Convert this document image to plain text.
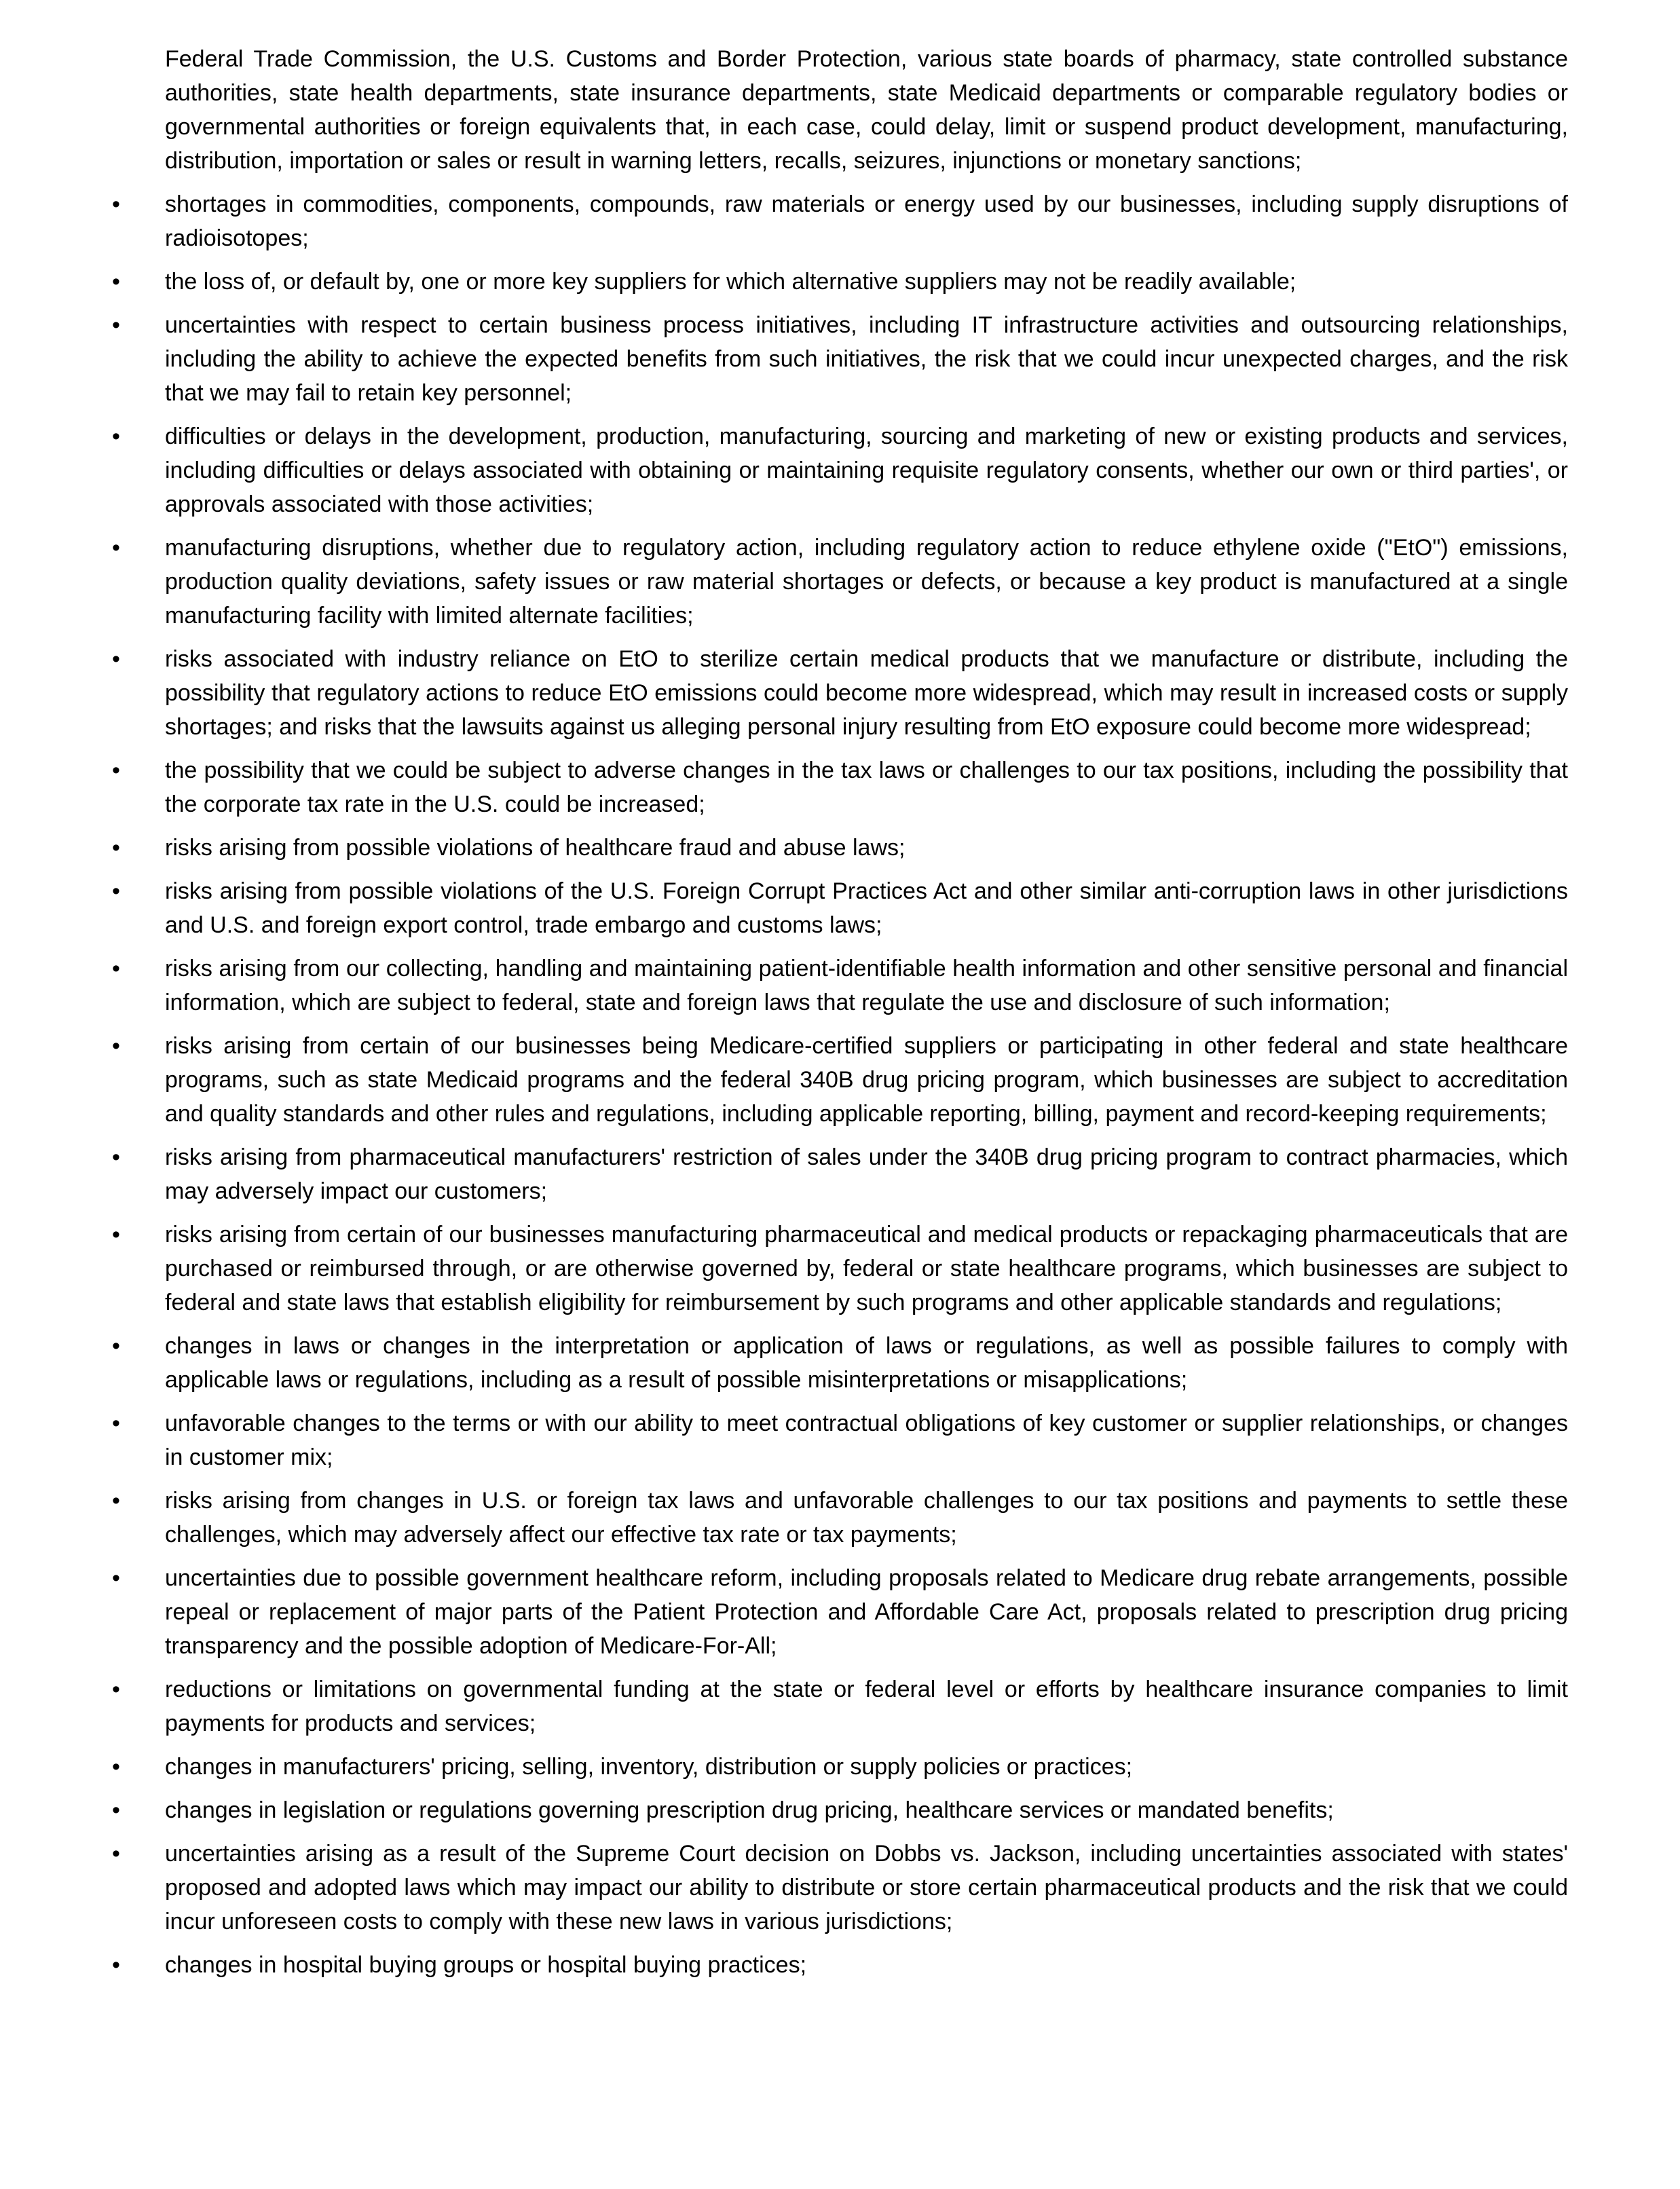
Federal Trade Commission, the U.S. Customs and Border Protection, various state boards of pharmacy, state controlled substance authorities, state health departments, state insurance departments, state Medicaid departments or comparable regulatory bodies or governmental authorities or foreign equivalents that, in each case, could delay, limit or suspend product development, manufacturing, distribution, importation or sales or result in warning letters, recalls, seizures, injunctions or monetary sanctions;

•	shortages in commodities, components, compounds, raw materials or energy used by our businesses, including supply disruptions of radioisotopes;

•	the loss of, or default by, one or more key suppliers for which alternative suppliers may not be readily available;

•	uncertainties with respect to certain business process initiatives, including IT infrastructure activities and outsourcing relationships, including the ability to achieve the expected benefits from such initiatives, the risk that we could incur unexpected charges, and the risk that we may fail to retain key personnel;

•	difficulties or delays in the development, production, manufacturing, sourcing and marketing of new or existing products and services, including difficulties or delays associated with obtaining or maintaining requisite regulatory consents, whether our own or third parties', or approvals associated with those activities;

•	manufacturing disruptions, whether due to regulatory action, including regulatory action to reduce ethylene oxide ("EtO") emissions, production quality deviations, safety issues or raw material shortages or defects, or because a key product is manufactured at a single manufacturing facility with limited alternate facilities;

•	risks associated with industry reliance on EtO to sterilize certain medical products that we manufacture or distribute, including the possibility that regulatory actions to reduce EtO emissions could become more widespread, which may result in increased costs or supply shortages; and risks that the lawsuits against us alleging personal injury resulting from EtO exposure could become more widespread;

•	the possibility that we could be subject to adverse changes in the tax laws or challenges to our tax positions, including the possibility that the corporate tax rate in the U.S. could be increased;

•	risks arising from possible violations of healthcare fraud and abuse laws;

•	risks arising from possible violations of the U.S. Foreign Corrupt Practices Act and other similar anti-corruption laws in other jurisdictions and U.S. and foreign export control, trade embargo and customs laws;

•	risks arising from our collecting, handling and maintaining patient-identifiable health information and other sensitive personal and financial information, which are subject to federal, state and foreign laws that regulate the use and disclosure of such information;

•	risks arising from certain of our businesses being Medicare-certified suppliers or participating in other federal and state healthcare programs, such as state Medicaid programs and the federal 340B drug pricing program, which businesses are subject to accreditation and quality standards and other rules and regulations, including applicable reporting, billing, payment and record-keeping requirements;

•	risks arising from pharmaceutical manufacturers' restriction of sales under the 340B drug pricing program to contract pharmacies, which may adversely impact our customers;

•	risks arising from certain of our businesses manufacturing pharmaceutical and medical products or repackaging pharmaceuticals that are purchased or reimbursed through, or are otherwise governed by, federal or state healthcare programs, which businesses are subject to federal and state laws that establish eligibility for reimbursement by such programs and other applicable standards and regulations;

•	changes in laws or changes in the interpretation or application of laws or regulations, as well as possible failures to comply with applicable laws or regulations, including as a result of possible misinterpretations or misapplications;

•	unfavorable changes to the terms or with our ability to meet contractual obligations of key customer or supplier relationships, or changes in customer mix;

•	risks arising from changes in U.S. or foreign tax laws and unfavorable challenges to our tax positions and payments to settle these challenges, which may adversely affect our effective tax rate or tax payments;

•	uncertainties due to possible government healthcare reform, including proposals related to Medicare drug rebate arrangements, possible repeal or replacement of major parts of the Patient Protection and Affordable Care Act, proposals related to prescription drug pricing transparency and the possible adoption of Medicare-For-All;

•	reductions or limitations on governmental funding at the state or federal level or efforts by healthcare insurance companies to limit payments for products and services;

•	changes in manufacturers' pricing, selling, inventory, distribution or supply policies or practices;

•	changes in legislation or regulations governing prescription drug pricing, healthcare services or mandated benefits;

•	uncertainties arising as a result of the Supreme Court decision on Dobbs vs. Jackson, including uncertainties associated with states' proposed and adopted laws which may impact our ability to distribute or store certain pharmaceutical products and the risk that we could incur unforeseen costs to comply with these new laws in various jurisdictions;

•	changes in hospital buying groups or hospital buying practices;
